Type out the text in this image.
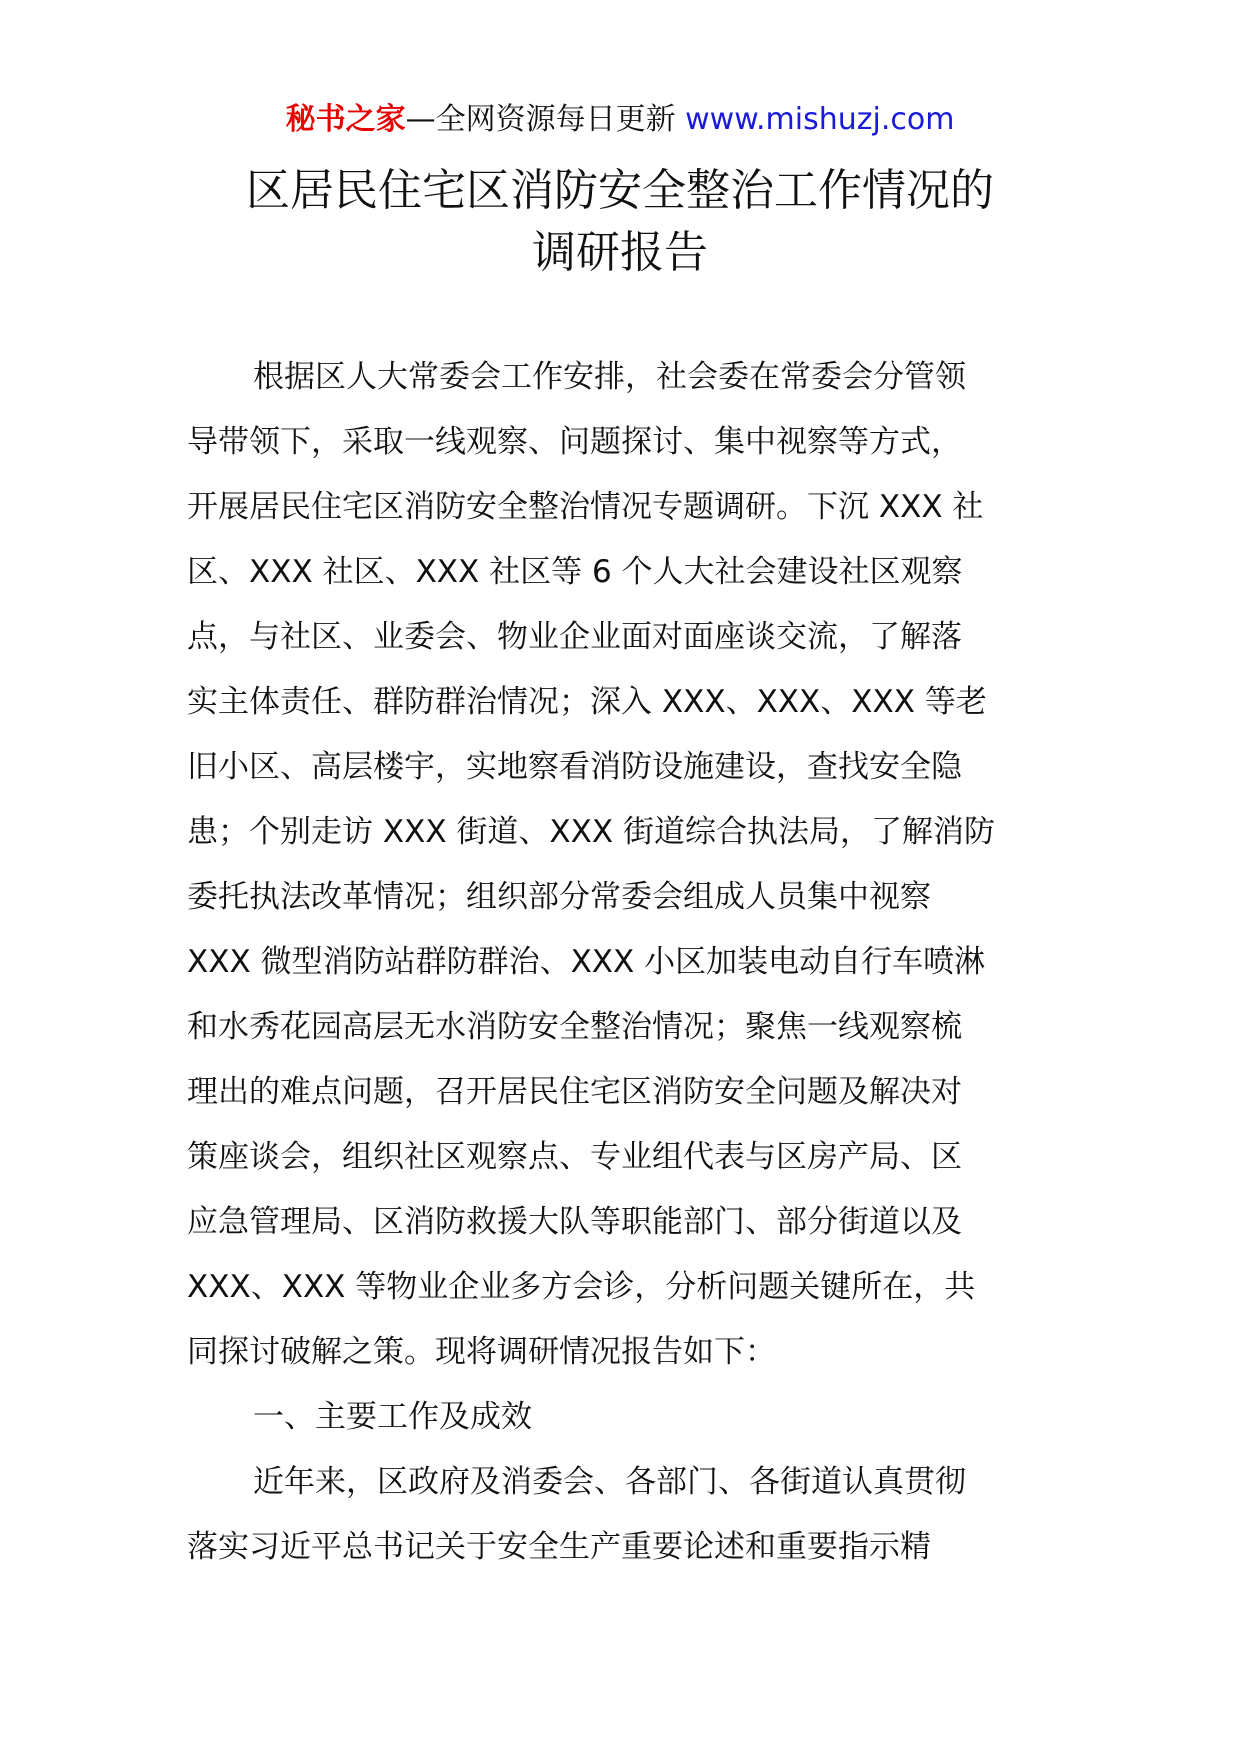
秘书之家—全网资源每日更新 www.mishuzj.com
区居民住宅区消防安全整治工作情况的
调研报告
根据区人大常委会工作安排，社会委在常委会分管领
导带领下，采取一线观察、问题探讨、集中视察等方式，
开展居民住宅区消防安全整治情况专题调研。下沉 XXX 社
区、XXX 社区、XXX 社区等 6 个人大社会建设社区观察
点，与社区、业委会、物业企业面对面座谈交流，了解落
实主体责任、群防群治情况；深入 XXX、XXX、XXX 等老
旧小区、高层楼宇，实地察看消防设施建设，查找安全隐
患；个别走访 XXX 街道、XXX 街道综合执法局，了解消防
委托执法改革情况；组织部分常委会组成人员集中视察
XXX 微型消防站群防群治、XXX 小区加装电动自行车喷淋
和水秀花园高层无水消防安全整治情况；聚焦一线观察梳
理出的难点问题，召开居民住宅区消防安全问题及解决对
策座谈会，组织社区观察点、专业组代表与区房产局、区
应急管理局、区消防救援大队等职能部门、部分街道以及
XXX、XXX 等物业企业多方会诊，分析问题关键所在，共
同探讨破解之策。现将调研情况报告如下：
一、主要工作及成效
近年来，区政府及消委会、各部门、各街道认真贯彻
落实习近平总书记关于安全生产重要论述和重要指示精
